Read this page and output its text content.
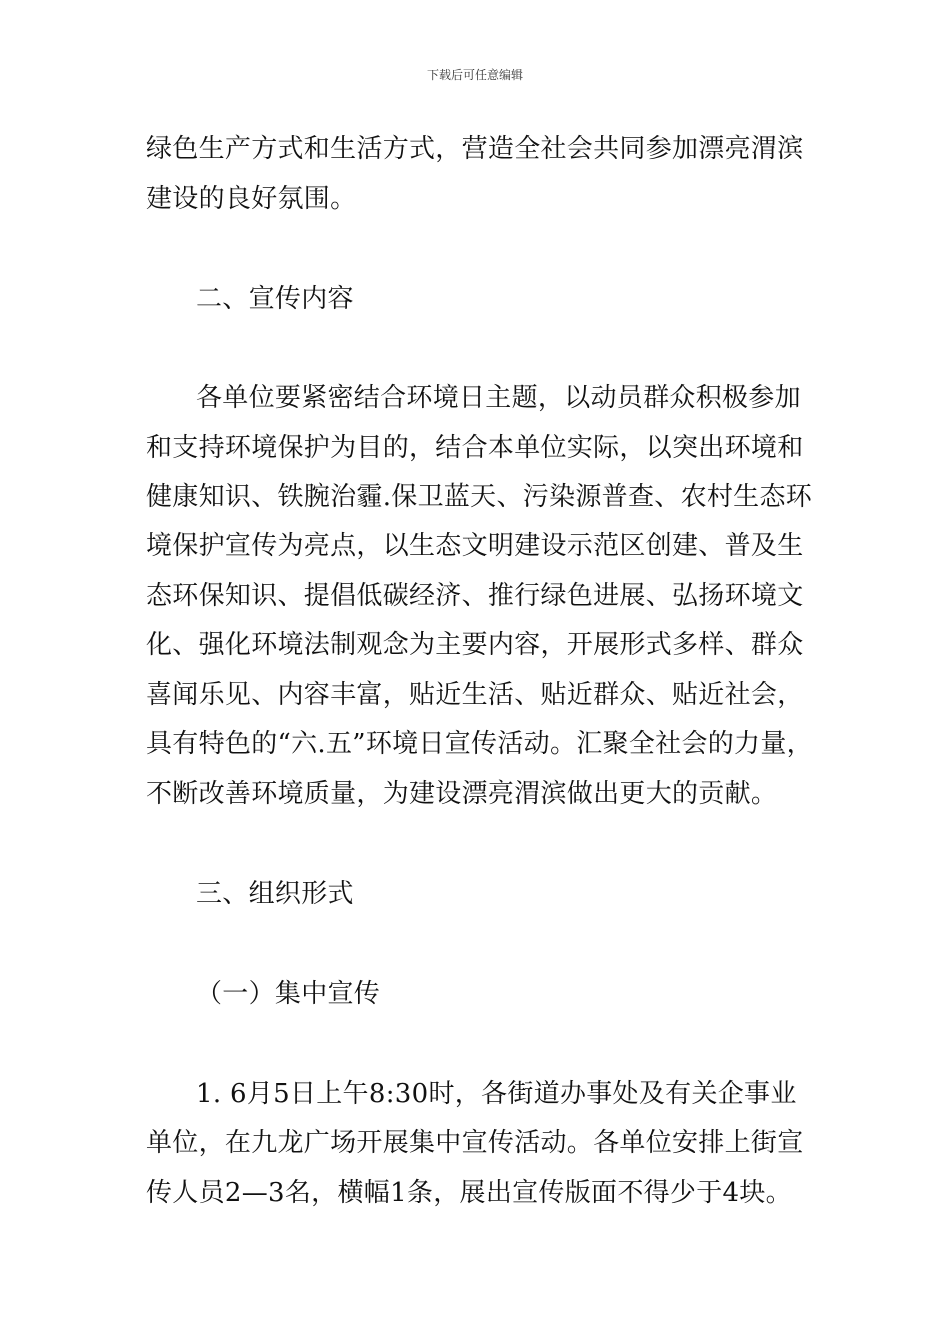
下载后可任意编辑
绿色生产方式和生活方式，营造全社会共同参加漂亮渭滨
建设的良好氛围。
二、宣传内容
各单位要紧密结合环境日主题，以动员群众积极参加
和支持环境保护为目的，结合本单位实际，以突出环境和
健康知识、铁腕治霾.保卫蓝天、污染源普查、农村生态环
境保护宣传为亮点，以生态文明建设示范区创建、普及生
态环保知识、提倡低碳经济、推行绿色进展、弘扬环境文
化、强化环境法制观念为主要内容，开展形式多样、群众
喜闻乐见、内容丰富，贴近生活、贴近群众、贴近社会，
具有特色的“六.五”环境日宣传活动。汇聚全社会的力量，
不断改善环境质量，为建设漂亮渭滨做出更大的贡献。
三、组织形式
（一）集中宣传
1. 6月5日上午8:30时，各街道办事处及有关企事业
单位，在九龙广场开展集中宣传活动。各单位安排上街宣
传人员2—3名，横幅1条，展出宣传版面不得少于4块。
